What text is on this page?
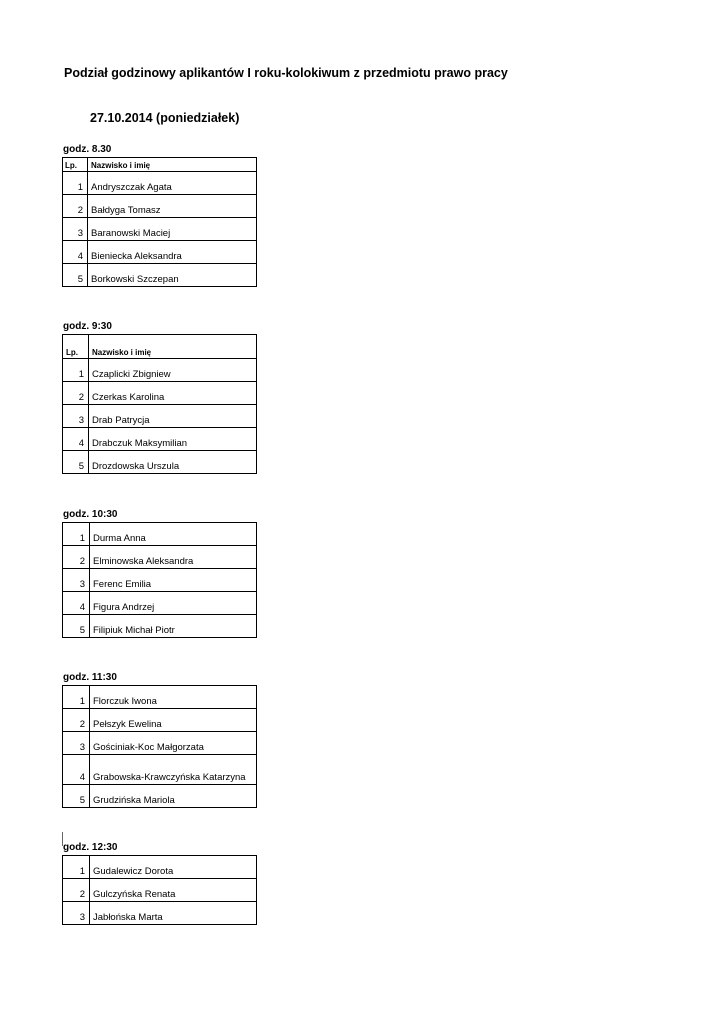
Podział godzinowy aplikantów I roku-kolokiwum z przedmiotu prawo pracy
27.10.2014 (poniedziałek)
godz. 8.30
Lp.	Nazwisko i imię
1	Andryszczak Agata
2	Bałdyga Tomasz
3	Baranowski Maciej
4	Bieniecka Aleksandra
5	Borkowski Szczepan
godz. 9:30
Lp.	Nazwisko i imię
1	Czaplicki Zbigniew
2	Czerkas Karolina
3	Drab Patrycja
4	Drabczuk Maksymilian
5	Drozdowska Urszula
godz. 10:30
1	Durma Anna
2	Elminowska Aleksandra
3	Ferenc Emilia
4	Figura Andrzej
5	Filipiuk Michał Piotr
godz. 11:30
1	Florczuk Iwona
2	Pełszyk Ewelina
3	Gościniak-Koc Małgorzata
4	Grabowska-Krawczyńska Katarzyna
5	Grudzińska Mariola
godz. 12:30
1	Gudalewicz Dorota
2	Gulczyńska Renata
3	Jabłońska Marta
